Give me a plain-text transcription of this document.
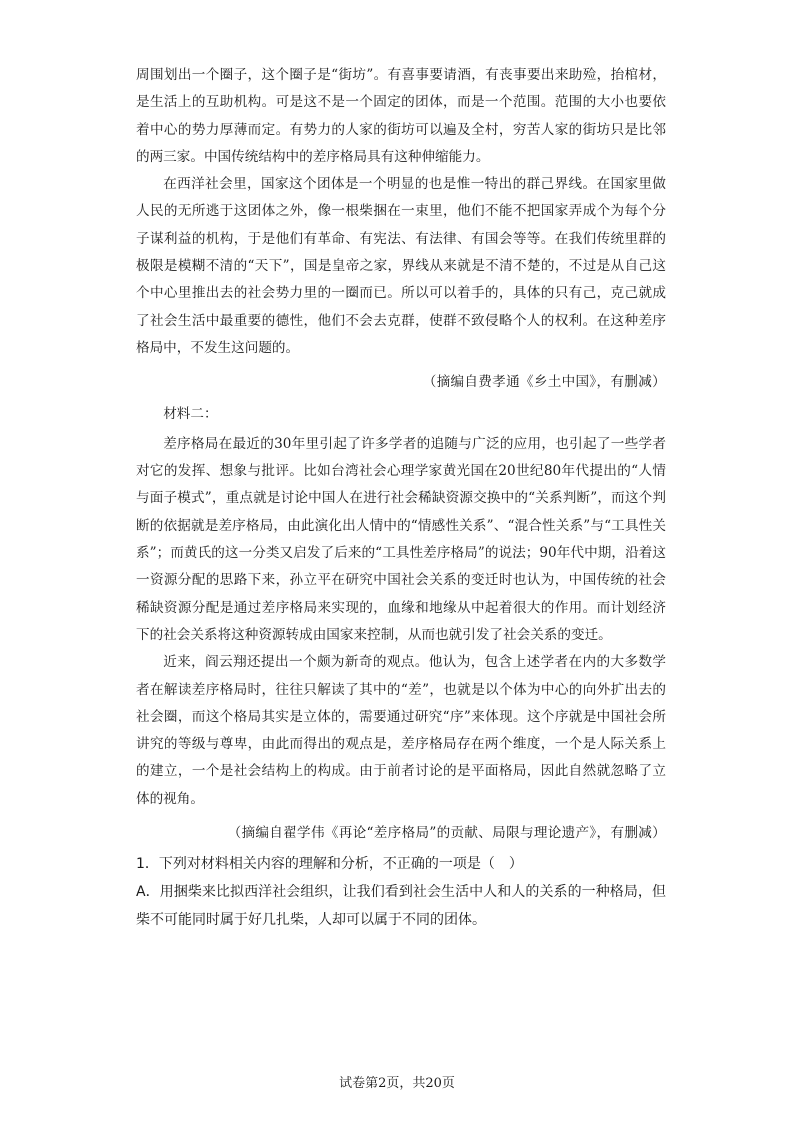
周围划出一个圈子，这个圈子是“街坊”。有喜事要请酒，有丧事要出来助殓，抬棺材，是生活上的互助机构。可是这不是一个固定的团体，而是一个范围。范围的大小也要依着中心的势力厚薄而定。有势力的人家的街坊可以遍及全村，穷苦人家的街坊只是比邻的两三家。中国传统结构中的差序格局具有这种伸缩能力。

在西洋社会里，国家这个团体是一个明显的也是惟一特出的群己界线。在国家里做人民的无所逃于这团体之外，像一根柴捆在一束里，他们不能不把国家弄成个为每个分子谋利益的机构，于是他们有革命、有宪法、有法律、有国会等等。在我们传统里群的极限是模糊不清的“天下”，国是皇帝之家，界线从来就是不清不楚的，不过是从自己这个中心里推出去的社会势力里的一圈而已。所以可以着手的，具体的只有己，克己就成了社会生活中最重要的德性，他们不会去克群，使群不致侵略个人的权利。在这种差序格局中，不发生这问题的。

（摘编自费孝通《乡土中国》，有删减）

材料二：

差序格局在最近的30年里引起了许多学者的追随与广泛的应用，也引起了一些学者对它的发挥、想象与批评。比如台湾社会心理学家黄光国在20世纪80年代提出的“人情与面子模式”，重点就是讨论中国人在进行社会稀缺资源交换中的“关系判断”，而这个判断的依据就是差序格局，由此演化出人情中的“情感性关系”、“混合性关系”与“工具性关系”；而黄氏的这一分类又启发了后来的“工具性差序格局”的说法；90年代中期，沿着这一资源分配的思路下来，孙立平在研究中国社会关系的变迁时也认为，中国传统的社会稀缺资源分配是通过差序格局来实现的，血缘和地缘从中起着很大的作用。而计划经济下的社会关系将这种资源转成由国家来控制，从而也就引发了社会关系的变迁。

近来，阎云翔还提出一个颇为新奇的观点。他认为，包含上述学者在内的大多数学者在解读差序格局时，往往只解读了其中的“差”，也就是以个体为中心的向外扩出去的社会圈，而这个格局其实是立体的，需要通过研究“序”来体现。这个序就是中国社会所讲究的等级与尊卑，由此而得出的观点是，差序格局存在两个维度，一个是人际关系上的建立，一个是社会结构上的构成。由于前者讨论的是平面格局，因此自然就忽略了立体的视角。

（摘编自翟学伟《再论“差序格局”的贡献、局限与理论遗产》，有删减）

1．下列对材料相关内容的理解和分析，不正确的一项是（　）

A．用捆柴来比拟西洋社会组织，让我们看到社会生活中人和人的关系的一种格局，但柴不可能同时属于好几扎柴，人却可以属于不同的团体。

试卷第2页，共20页
